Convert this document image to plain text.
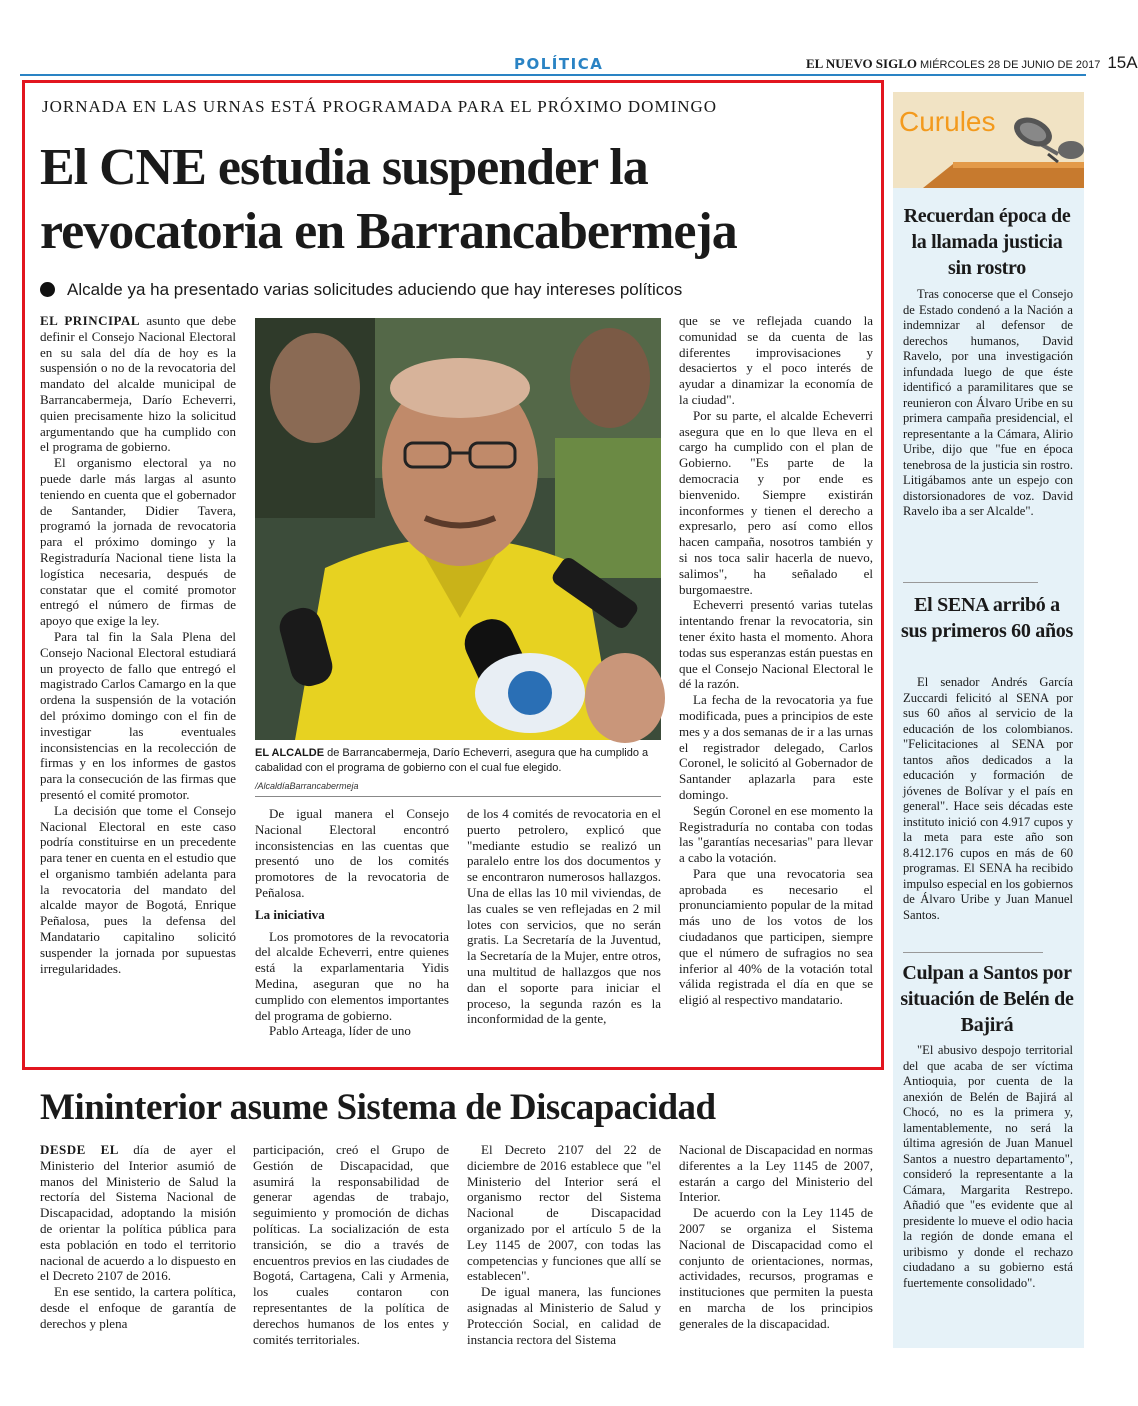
POLÍTICA	EL NUEVO SIGLO MIÉRCOLES 28 DE JUNIO DE 2017 15A
JORNADA EN LAS URNAS ESTÁ PROGRAMADA PARA EL PRÓXIMO DOMINGO
El CNE estudia suspender la revocatoria en Barrancabermeja
Alcalde ya ha presentado varias solicitudes aduciendo que hay intereses políticos

EL PRINCIPAL asunto que debe definir el Consejo Nacional Electoral en su sala del día de hoy es la suspensión o no de la revocatoria del mandato del alcalde municipal de Barrancabermeja, Darío Echeverri, quien precisamente hizo la solicitud argumentando que ha cumplido con el programa de gobierno.

El organismo electoral ya no puede darle más largas al asunto teniendo en cuenta que el gobernador de Santander, Didier Tavera, programó la jornada de revocatoria para el próximo domingo y la Registraduría Nacional tiene lista la logística necesaria, después de constatar que el comité promotor entregó el número de firmas de apoyo que exige la ley.

Para tal fin la Sala Plena del Consejo Nacional Electoral estudiará un proyecto de fallo que entregó el magistrado Carlos Camargo en la que ordena la suspensión de la votación del próximo domingo con el fin de investigar las eventuales inconsistencias en la recolección de firmas y en los informes de gastos para la consecución de las firmas que presentó el comité promotor.

La decisión que tome el Consejo Nacional Electoral en este caso podría constituirse en un precedente para tener en cuenta en el estudio que el organismo también adelanta para la revocatoria del mandato del alcalde mayor de Bogotá, Enrique Peñalosa, pues la defensa del Mandatario capitalino solicitó suspender la jornada por supuestas irregularidades.

EL ALCALDE de Barrancabermeja, Darío Echeverri, asegura que ha cumplido a cabalidad con el programa de gobierno con el cual fue elegido.
/AlcaldíaBarrancabermeja

De igual manera el Consejo Nacional Electoral encontró inconsistencias en las cuentas que presentó uno de los comités promotores de la revocatoria de Peñalosa.

La iniciativa

Los promotores de la revocatoria del alcalde Echeverri, entre quienes está la exparlamentaria Yidis Medina, aseguran que no ha cumplido con elementos importantes del programa de gobierno.

Pablo Arteaga, líder de uno

de los 4 comités de revocatoria en el puerto petrolero, explicó que "mediante estudio se realizó un paralelo entre los dos documentos y se encontraron numerosos hallazgos. Una de ellas las 10 mil viviendas, de las cuales se ven reflejadas en 2 mil lotes con servicios, que no serán gratis. La Secretaría de la Juventud, la Secretaría de la Mujer, entre otros, una multitud de hallazgos que nos dan el soporte para iniciar el proceso, la segunda razón es la inconformidad de la gente,

que se ve reflejada cuando la comunidad se da cuenta de las diferentes improvisaciones y desaciertos y el poco interés de ayudar a dinamizar la economía de la ciudad".

Por su parte, el alcalde Echeverri asegura que en lo que lleva en el cargo ha cumplido con el plan de Gobierno. "Es parte de la democracia y por ende es bienvenido. Siempre existirán inconformes y tienen el derecho a expresarlo, pero así como ellos hacen campaña, nosotros también y si nos toca salir hacerla de nuevo, salimos", ha señalado el burgomaestre.

Echeverri presentó varias tutelas intentando frenar la revocatoria, sin tener éxito hasta el momento. Ahora todas sus esperanzas están puestas en que el Consejo Nacional Electoral le dé la razón.

La fecha de la revocatoria ya fue modificada, pues a principios de este mes y a dos semanas de ir a las urnas el registrador delegado, Carlos Coronel, le solicitó al Gobernador de Santander aplazarla para este domingo.

Según Coronel en ese momento la Registraduría no contaba con todas las "garantías necesarias" para llevar a cabo la votación.

Para que una revocatoria sea aprobada es necesario el pronunciamiento popular de la mitad más uno de los votos de los ciudadanos que participen, siempre que el número de sufragios no sea inferior al 40% de la votación total válida registrada el día en que se eligió al respectivo mandatario.

Mininterior asume Sistema de Discapacidad

DESDE EL día de ayer el Ministerio del Interior asumió de manos del Ministerio de Salud la rectoría del Sistema Nacional de Discapacidad, adoptando la misión de orientar la política pública para esta población en todo el territorio nacional de acuerdo a lo dispuesto en el Decreto 2107 de 2016.

En ese sentido, la cartera política, desde el enfoque de garantía de derechos y plena

participación, creó el Grupo de Gestión de Discapacidad, que asumirá la responsabilidad de generar agendas de trabajo, seguimiento y promoción de dichas políticas. La socialización de esta transición, se dio a través de encuentros previos en las ciudades de Bogotá, Cartagena, Cali y Armenia, los cuales contaron con representantes de la política de derechos humanos de los entes y comités territoriales.

El Decreto 2107 del 22 de diciembre de 2016 establece que "el Ministerio del Interior será el organismo rector del Sistema Nacional de Discapacidad organizado por el artículo 5 de la Ley 1145 de 2007, con todas las competencias y funciones que allí se establecen".

De igual manera, las funciones asignadas al Ministerio de Salud y Protección Social, en calidad de instancia rectora del Sistema

Nacional de Discapacidad en normas diferentes a la Ley 1145 de 2007, estarán a cargo del Ministerio del Interior.

De acuerdo con la Ley 1145 de 2007 se organiza el Sistema Nacional de Discapacidad como el conjunto de orientaciones, normas, actividades, recursos, programas e instituciones que permiten la puesta en marcha de los principios generales de la discapacidad.

Curules
Recuerdan época de la llamada justicia sin rostro

Tras conocerse que el Consejo de Estado condenó a la Nación a indemnizar al defensor de derechos humanos, David Ravelo, por una investigación infundada luego de que éste identificó a paramilitares que se reunieron con Álvaro Uribe en su primera campaña presidencial, el representante a la Cámara, Alirio Uribe, dijo que "fue en época tenebrosa de la justicia sin rostro. Litigábamos ante un espejo con distorsionadores de voz. David Ravelo iba a ser Alcalde".

El SENA arribó a sus primeros 60 años

El senador Andrés García Zuccardi felicitó al SENA por sus 60 años al servicio de la educación de los colombianos. "Felicitaciones al SENA por tantos años dedicados a la educación y formación de jóvenes de Bolívar y el país en general". Hace seis décadas este instituto inició con 4.917 cupos y la meta para este año son 8.412.176 cupos en más de 60 programas. El SENA ha recibido impulso especial en los gobiernos de Álvaro Uribe y Juan Manuel Santos.

Culpan a Santos por situación de Belén de Bajirá

"El abusivo despojo territorial del que acaba de ser víctima Antioquia, por cuenta de la anexión de Belén de Bajirá al Chocó, no es la primera y, lamentablemente, no será la última agresión de Juan Manuel Santos a nuestro departamento", consideró la representante a la Cámara, Margarita Restrepo. Añadió que "es evidente que al presidente lo mueve el odio hacia la región de donde emana el uribismo y donde el rechazo ciudadano a su gobierno está fuertemente consolidado".
